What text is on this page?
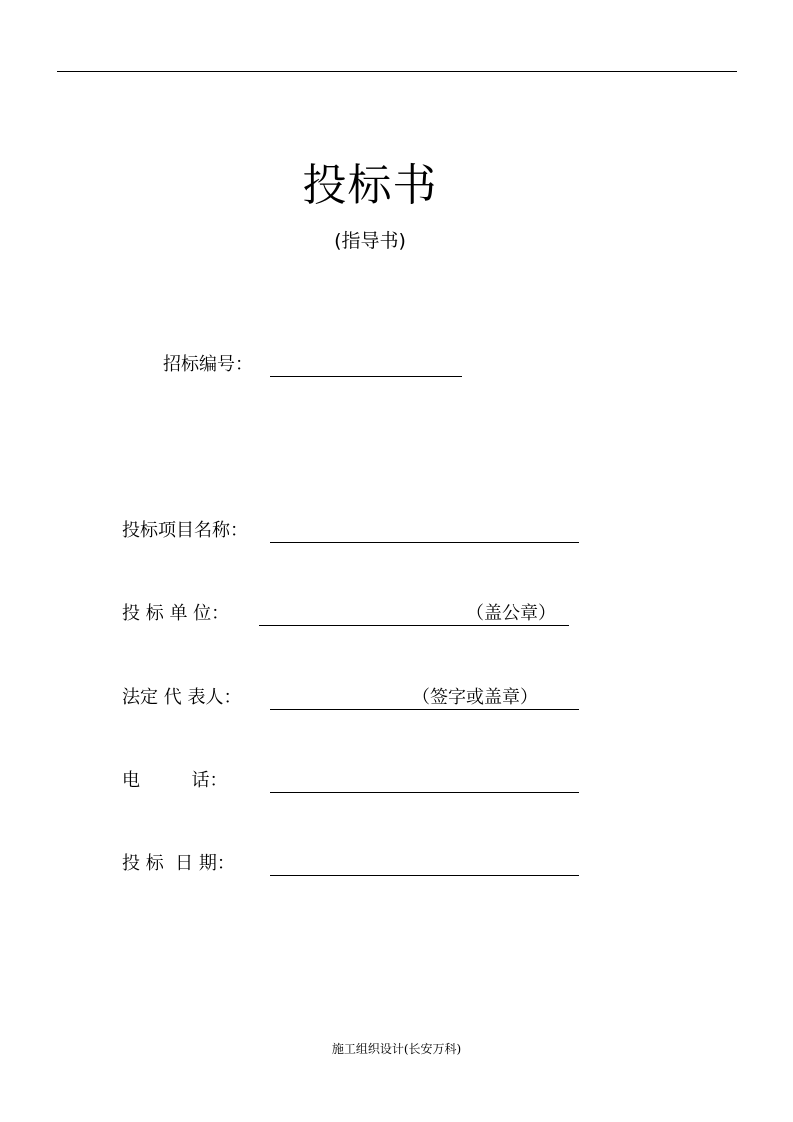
投标书
(指导书)
招标编号：
投标项目名称：
投 标 单 位：	（盖公章）
法定 代 表人：	（签字或盖章）
电         话：
投 标  日 期：
施工组织设计(长安万科)
